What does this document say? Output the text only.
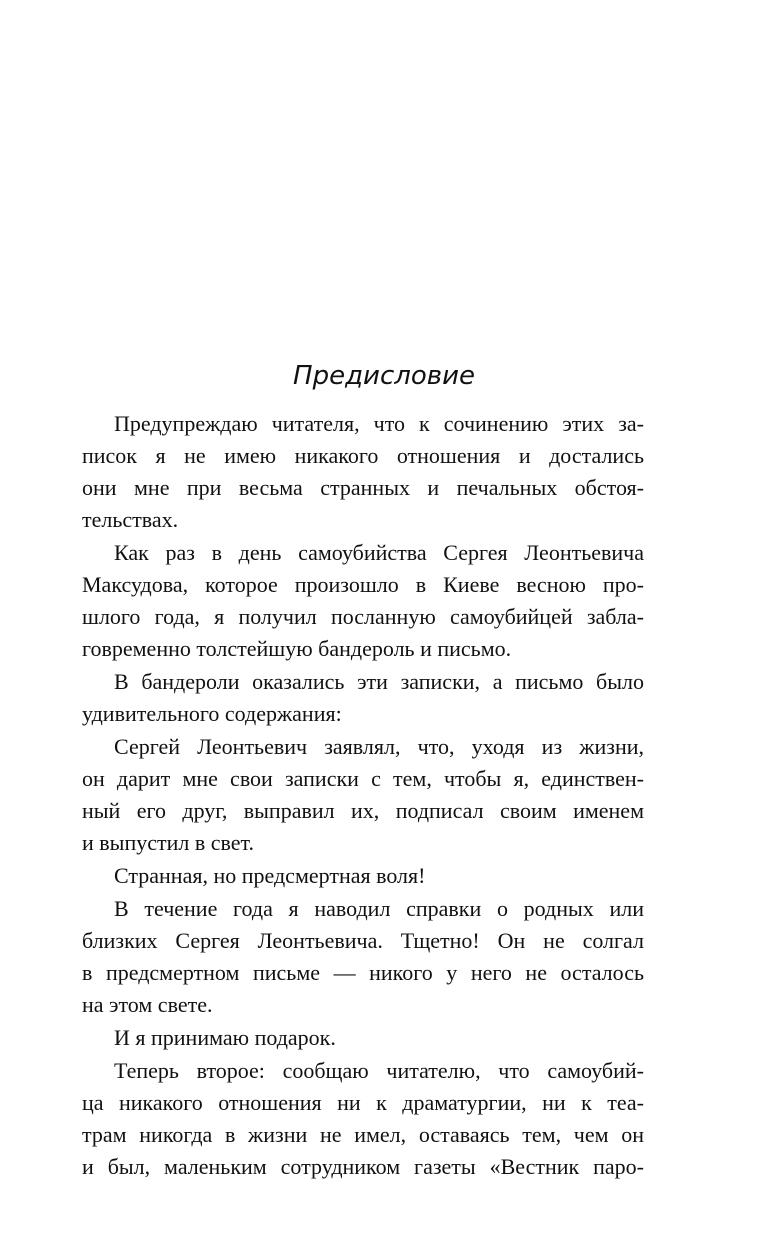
Предисловие

Предупреждаю читателя, что к сочинению этих за-
писок я не имею никакого отношения и достались
они мне при весьма странных и печальных обстоя-
тельствах.

Как раз в день самоубийства Сергея Леонтьевича
Максудова, которое произошло в Киеве весною про-
шлого года, я получил посланную самоубийцей забла-
говременно толстейшую бандероль и письмо.

В бандероли оказались эти записки, а письмо было
удивительного содержания:

Сергей Леонтьевич заявлял, что, уходя из жизни,
он дарит мне свои записки с тем, чтобы я, единствен-
ный его друг, выправил их, подписал своим именем
и выпустил в свет.

Странная, но предсмертная воля!

В течение года я наводил справки о родных или
близких Сергея Леонтьевича. Тщетно! Он не солгал
в предсмертном письме — никого у него не осталось
на этом свете.

И я принимаю подарок.

Теперь второе: сообщаю читателю, что самоубий-
ца никакого отношения ни к драматургии, ни к теа-
трам никогда в жизни не имел, оставаясь тем, чем он
и был, маленьким сотрудником газеты «Вестник паро-
